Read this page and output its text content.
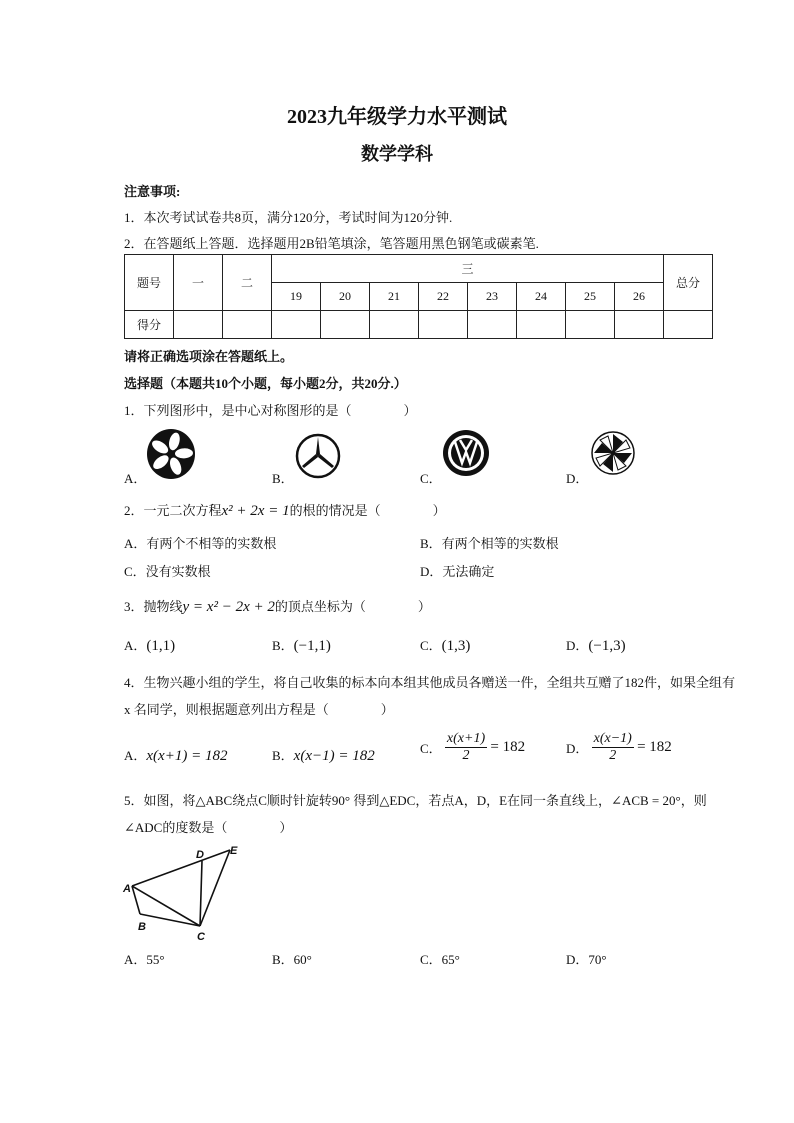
2023九年级学力水平测试
数学学科
注意事项:
1．本次考试试卷共8页，满分120分，考试时间为120分钟.
2．在答题纸上答题．选择题用2B铅笔填涂，笔答题用黑色钢笔或碳素笔.
题号	一	二	三								总分
			19	20	21	22	23	24	25	26	
得分											
请将正确选项涂在答题纸上。
选择题（本题共10个小题，每小题2分，共20分.）
1．下列图形中，是中心对称图形的是（　　　　）
A．	B．	C．	D．
2．一元二次方程x² + 2x = 1的根的情况是（　　　　）
A．有两个不相等的实数根	B．有两个相等的实数根
C．没有实数根	D．无法确定
3．抛物线y = x² − 2x + 2的顶点坐标为（　　　　）
A．(1,1)	B．(−1,1)	C．(1,3)	D．(−1,3)
4．生物兴趣小组的学生，将自己收集的标本向本组其他成员各赠送一件，全组共互赠了182件，如果全组有
x 名同学，则根据题意列出方程是（　　　　）
A．x(x+1) = 182	B．x(x−1) = 182	C． $\frac{x(x+1)}{2} = 182$	D． $\frac{x(x-1)}{2} = 182$
5．如图，将△ABC绕点C顺时针旋转90° 得到△EDC，若点A，D，E在同一条直线上，∠ACB = 20°，则
∠ADC的度数是（　　　　）
D E
A
B
C
A．55°	B．60°	C．65°	D．70°
